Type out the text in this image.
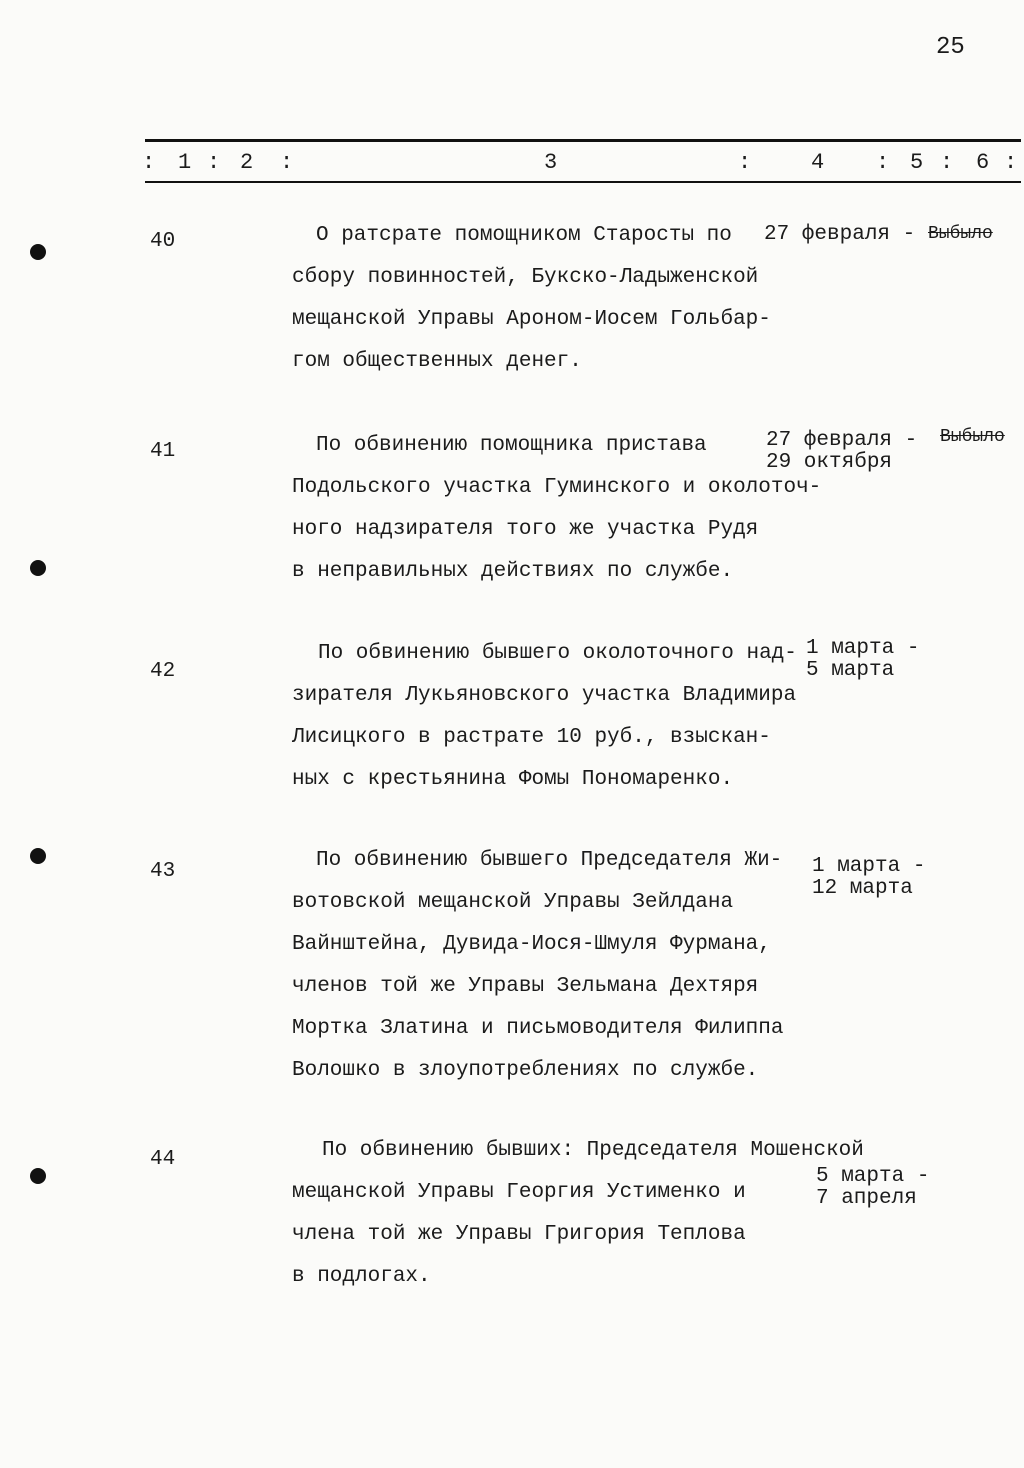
25
: 1 : 2 :	3	:	4 : 5 : 6 :
40	О ратсрате помощником Старосты по
сбору повинностей, Букско-Ладыженской
мещанской Управы Ароном-Иосем Гольбар-
гом общественных денег.
27 февраля - Выбыло
41	По обвинению помощника пристава
Подольского участка Гуминского и околоточ-
ного надзирателя того же участка Рудя
в неправильных действиях по службе.
27 февраля -
29 октября
Выбыло
42
По обвинению бывшего околоточного над-
зирателя Лукьяновского участка Владимира
Лисицкого в растрате 10 руб., взыскан-
ных с крестьянина Фомы Пономаренко.
1 марта -
5 марта
43	По обвинению бывшего Председателя Жи-
вотовской мещанской Управы Зейлдана
Вайнштейна, Дувида-Иося-Шмуля Фурмана,
членов той же Управы Зельмана Дехтяря
Мортка Златина и письмоводителя Филиппа
Волошко в злоупотреблениях по службе.
1 марта -
12 марта
44	По обвинению бывших: Председателя Мошенской
мещанской Управы Георгия Устименко и
члена той же Управы Григория Теплова
в подлогах.
5 марта -
7 апреля
